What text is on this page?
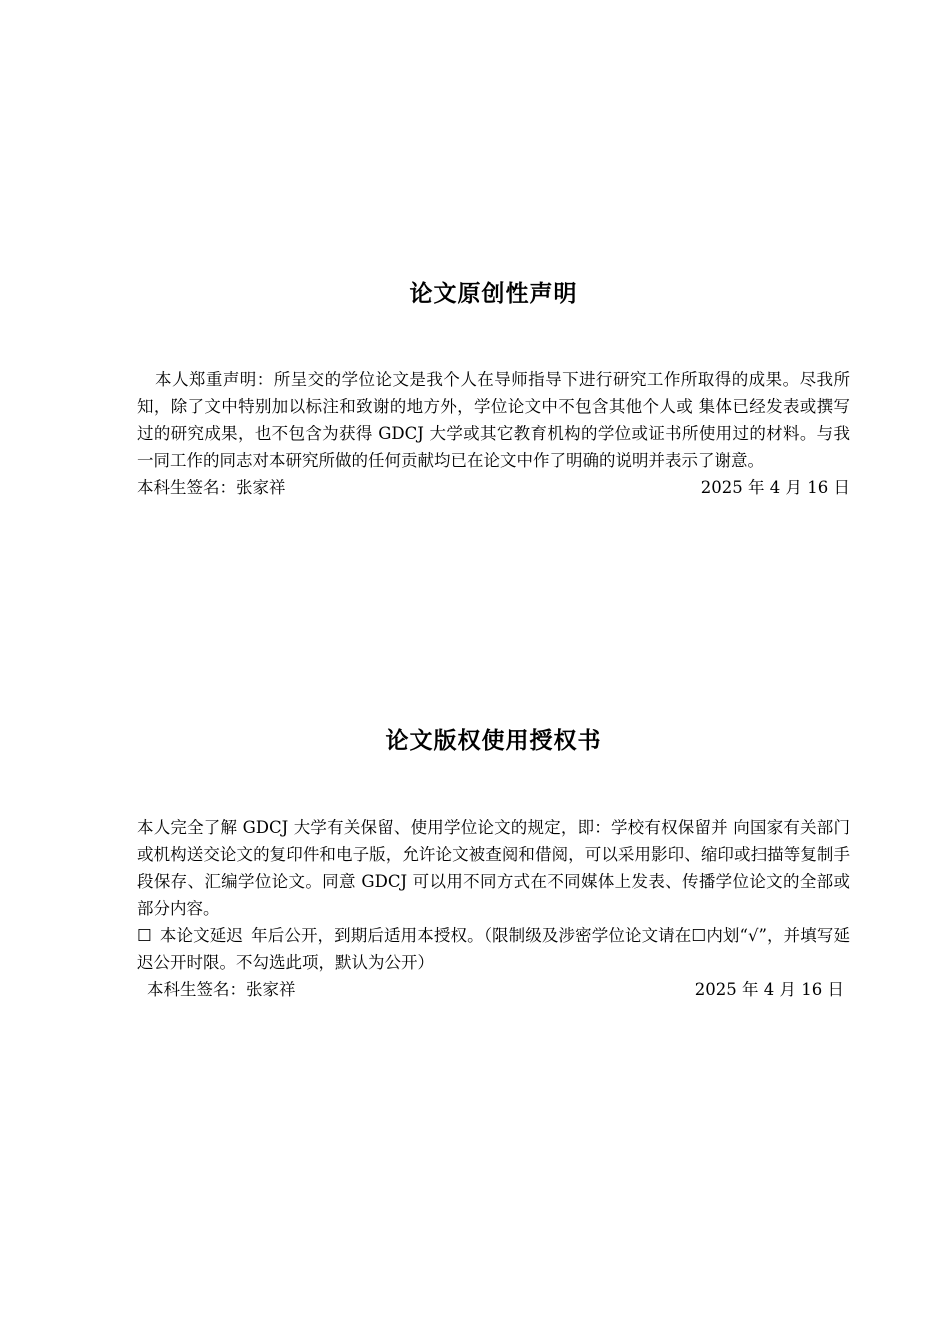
论文原创性声明

本人郑重声明：所呈交的学位论文是我个人在导师指导下进行研究工作所取得的成果。尽我所知，除了文中特别加以标注和致谢的地方外，学位论文中不包含其他个人或 集体已经发表或撰写过的研究成果，也不包含为获得 GDCJ 大学或其它教育机构的学位或证书所使用过的材料。与我一同工作的同志对本研究所做的任何贡献均已在论文中作了明确的说明并表示了谢意。

本科生签名：张家祥	2025 年 4 月 16 日
论文版权使用授权书

本人完全了解 GDCJ 大学有关保留、使用学位论文的规定，即：学校有权保留并 向国家有关部门或机构送交论文的复印件和电子版，允许论文被查阅和借阅，可以采用影印、缩印或扫描等复制手段保存、汇编学位论文。同意 GDCJ 可以用不同方式在不同媒体上发表、传播学位论文的全部或部分内容。

☐ 本论文延迟 年后公开，到期后适用本授权。（限制级及涉密学位论文请在☐内划“√”，并填写延迟公开时限。不勾选此项，默认为公开）

本科生签名：张家祥	2025 年 4 月 16 日
